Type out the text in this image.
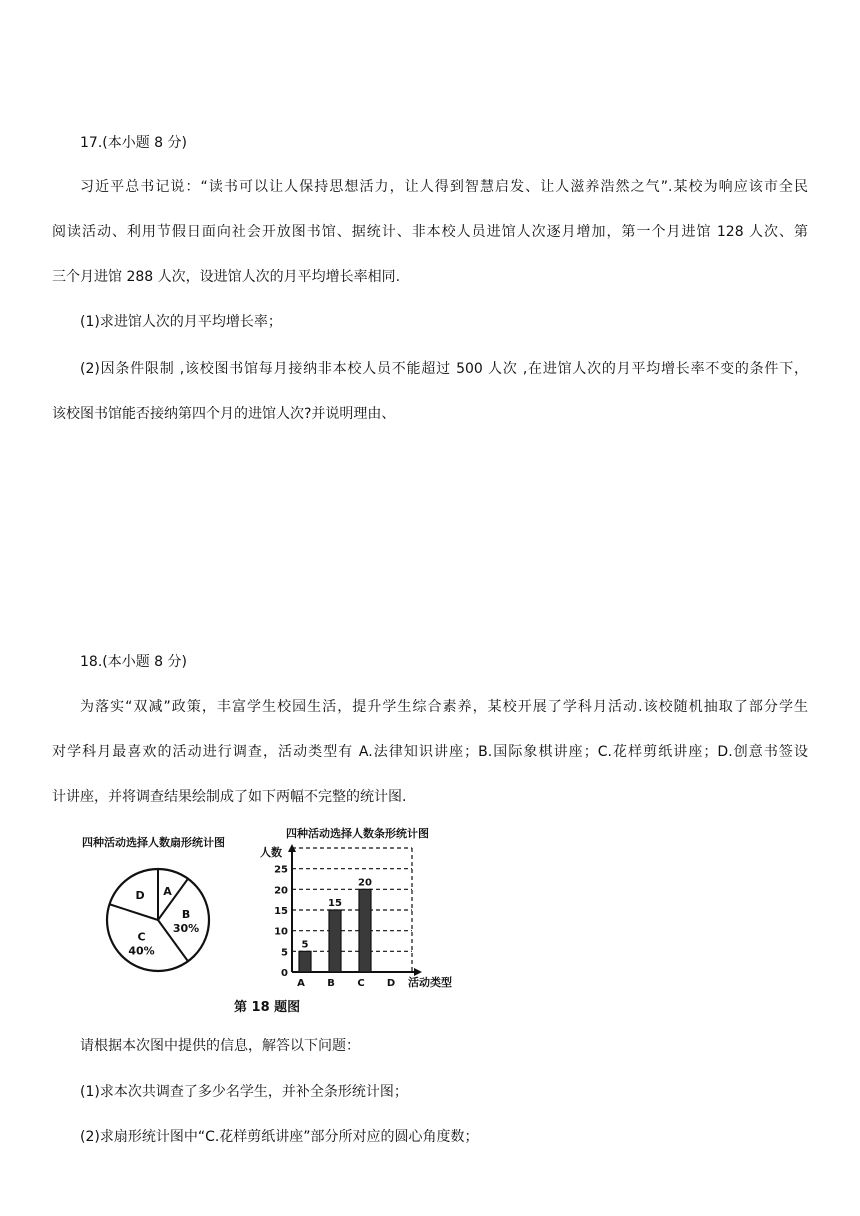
17.(本小题 8 分)
习近平总书记说：“读书可以让人保持思想活力，让人得到智慧启发、让人滋养浩然之气”.某校为响应该市全民
阅读活动、利用节假日面向社会开放图书馆、据统计、非本校人员进馆人次逐月增加，第一个月进馆 128 人次、第
三个月进馆 288 人次，设进馆人次的月平均增长率相同.
(1)求进馆人次的月平均增长率；
(2)因条件限制 ,该校图书馆每月接纳非本校人员不能超过 500 人次 ,在进馆人次的月平均增长率不变的条件下，
该校图书馆能否接纳第四个月的进馆人次?并说明理由、
18.(本小题 8 分)
为落实“双减”政策，丰富学生校园生活，提升学生综合素养，某校开展了学科月活动.该校随机抽取了部分学生
对学科月最喜欢的活动进行调查，活动类型有 A.法律知识讲座；B.国际象棋讲座；C.花样剪纸讲座；D.创意书签设
计讲座，并将调查结果绘制成了如下两幅不完整的统计图.
四种活动选择人数扇形统计图
A
B
30%
C
40%
D
四种活动选择人数条形统计图
人数
活动类型
0
5
10
15
20
25
5
A
15
B
20
C D
第 18 题图
请根据本次图中提供的信息，解答以下问题：
(1)求本次共调查了多少名学生，并补全条形统计图；
(2)求扇形统计图中“C.花样剪纸讲座”部分所对应的圆心角度数；
